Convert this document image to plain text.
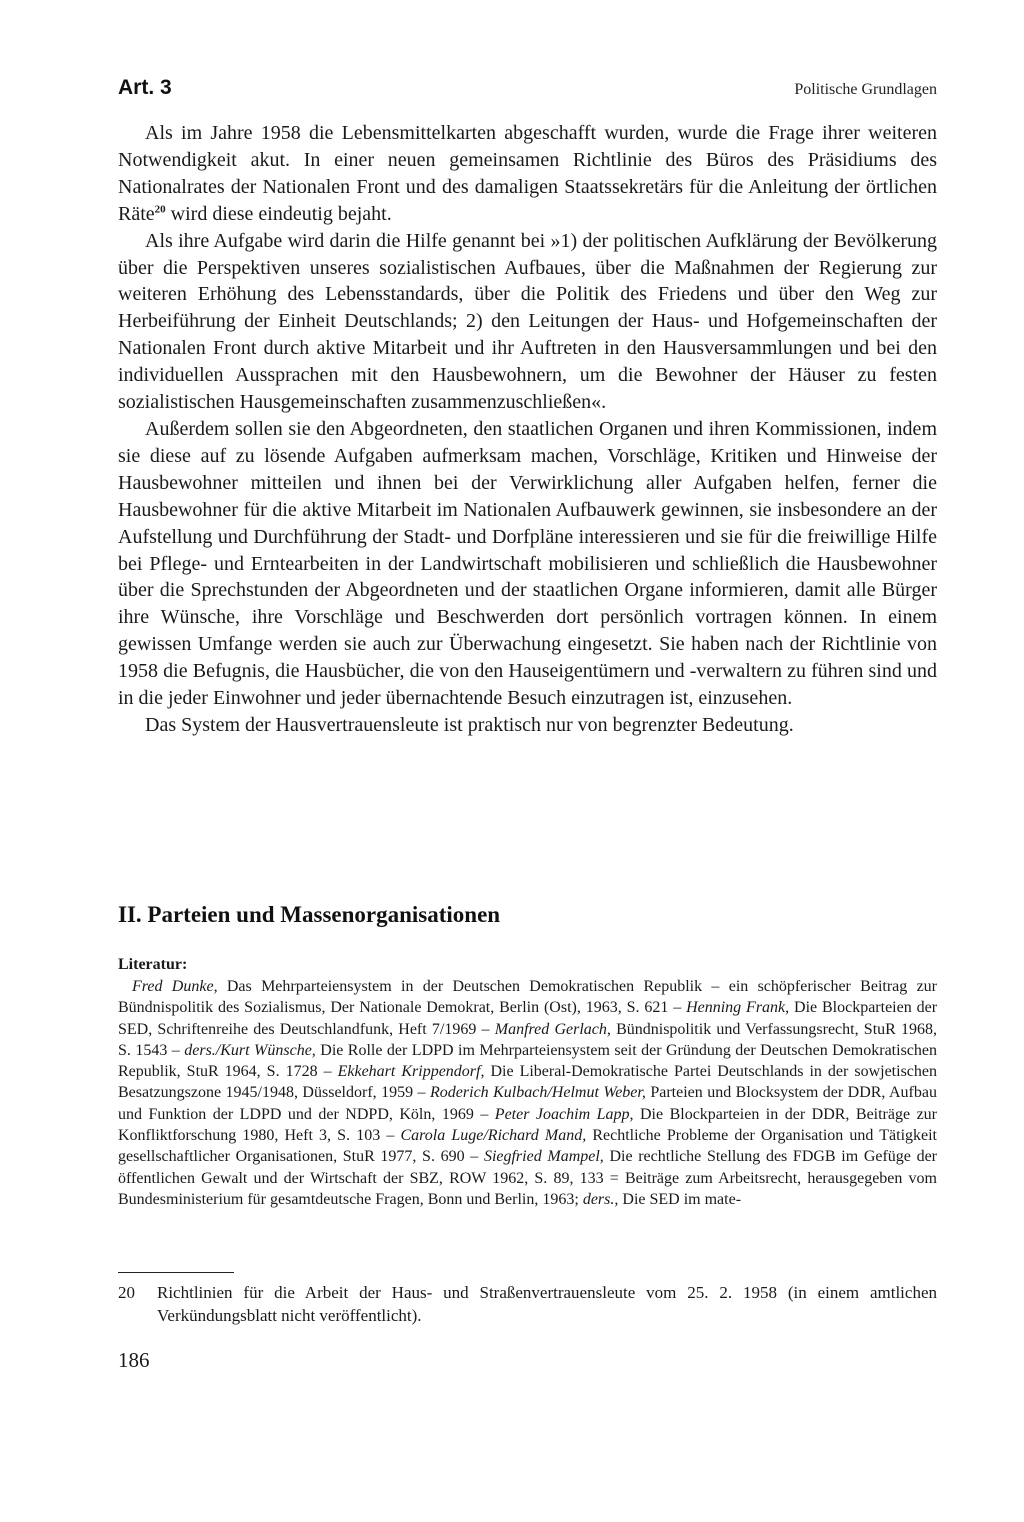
Art. 3	Politische Grundlagen

Als im Jahre 1958 die Lebensmittelkarten abgeschafft wurden, wurde die Frage ihrer weiteren Notwendigkeit akut. In einer neuen gemeinsamen Richtlinie des Büros des Präsidiums des Nationalrates der Nationalen Front und des damaligen Staatssekretärs für die Anleitung der örtlichen Räte$^{20}$ wird diese eindeutig bejaht.

Als ihre Aufgabe wird darin die Hilfe genannt bei »1) der politischen Aufklärung der Bevölkerung über die Perspektiven unseres sozialistischen Aufbaues, über die Maßnahmen der Regierung zur weiteren Erhöhung des Lebensstandards, über die Politik des Friedens und über den Weg zur Herbeiführung der Einheit Deutschlands; 2) den Leitungen der Haus- und Hofgemeinschaften der Nationalen Front durch aktive Mitarbeit und ihr Auftreten in den Hausversammlungen und bei den individuellen Aussprachen mit den Hausbewohnern, um die Bewohner der Häuser zu festen sozialistischen Hausgemeinschaften zusammenzuschließen«.

Außerdem sollen sie den Abgeordneten, den staatlichen Organen und ihren Kommissionen, indem sie diese auf zu lösende Aufgaben aufmerksam machen, Vorschläge, Kritiken und Hinweise der Hausbewohner mitteilen und ihnen bei der Verwirklichung aller Aufgaben helfen, ferner die Hausbewohner für die aktive Mitarbeit im Nationalen Aufbauwerk gewinnen, sie insbesondere an der Aufstellung und Durchführung der Stadt- und Dorfpläne interessieren und sie für die freiwillige Hilfe bei Pflege- und Erntearbeiten in der Landwirtschaft mobilisieren und schließlich die Hausbewohner über die Sprechstunden der Abgeordneten und der staatlichen Organe informieren, damit alle Bürger ihre Wünsche, ihre Vorschläge und Beschwerden dort persönlich vortragen können. In einem gewissen Umfange werden sie auch zur Überwachung eingesetzt. Sie haben nach der Richtlinie von 1958 die Befugnis, die Hausbücher, die von den Hauseigentümern und -verwaltern zu führen sind und in die jeder Einwohner und jeder übernachtende Besuch einzutragen ist, einzusehen.

Das System der Hausvertrauensleute ist praktisch nur von begrenzter Bedeutung.

II. Parteien und Massenorganisationen

Literatur:

Fred Dunke, Das Mehrparteiensystem in der Deutschen Demokratischen Republik – ein schöpferischer Beitrag zur Bündnispolitik des Sozialismus, Der Nationale Demokrat, Berlin (Ost), 1963, S. 621 – Henning Frank, Die Blockparteien der SED, Schriftenreihe des Deutschlandfunk, Heft 7/1969 – Manfred Gerlach, Bündnispolitik und Verfassungsrecht, StuR 1968, S. 1543 – ders./Kurt Wünsche, Die Rolle der LDPD im Mehrparteiensystem seit der Gründung der Deutschen Demokratischen Republik, StuR 1964, S. 1728 – Ekkehart Krippendorf, Die Liberal-Demokratische Partei Deutschlands in der sowjetischen Besatzungszone 1945/1948, Düsseldorf, 1959 – Roderich Kulbach/Helmut Weber, Parteien und Blocksystem der DDR, Aufbau und Funktion der LDPD und der NDPD, Köln, 1969 – Peter Joachim Lapp, Die Blockparteien in der DDR, Beiträge zur Konfliktforschung 1980, Heft 3, S. 103 – Carola Luge/Richard Mand, Rechtliche Probleme der Organisation und Tätigkeit gesellschaftlicher Organisationen, StuR 1977, S. 690 – Siegfried Mampel, Die rechtliche Stellung des FDGB im Gefüge der öffentlichen Gewalt und der Wirtschaft der SBZ, ROW 1962, S. 89, 133 = Beiträge zum Arbeitsrecht, herausgegeben vom Bundesministerium für gesamtdeutsche Fragen, Bonn und Berlin, 1963; ders., Die SED im mate-

20 Richtlinien für die Arbeit der Haus- und Straßenvertrauensleute vom 25. 2. 1958 (in einem amtlichen Verkündungsblatt nicht veröffentlicht).

186
